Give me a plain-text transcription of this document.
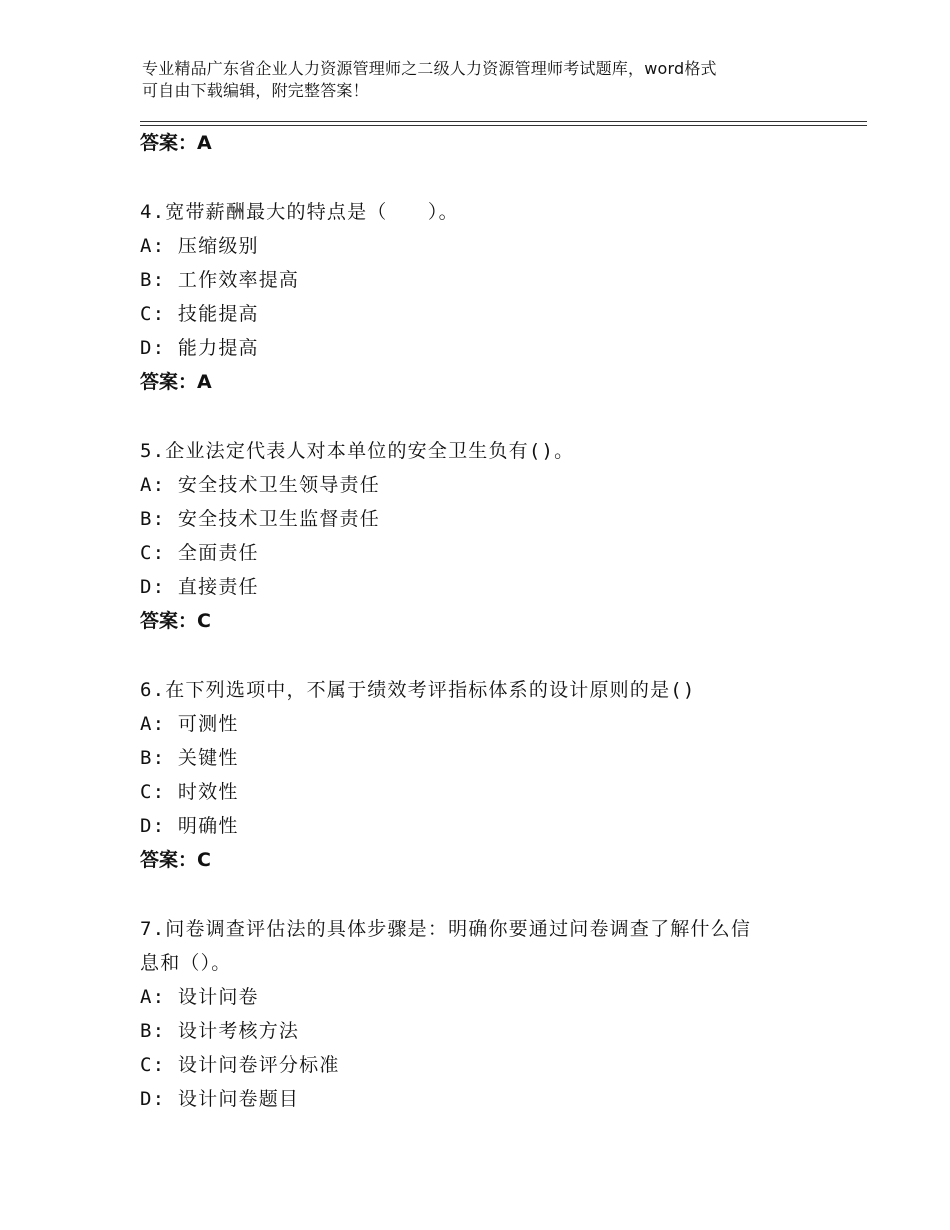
专业精品广东省企业人力资源管理师之二级人力资源管理师考试题库，word格式
可自由下载编辑，附完整答案！
答案：A
4.宽带薪酬最大的特点是（　　）。
A: 压缩级别
B: 工作效率提高
C: 技能提高
D: 能力提高
答案：A
5.企业法定代表人对本单位的安全卫生负有()。
A: 安全技术卫生领导责任
B: 安全技术卫生监督责任
C: 全面责任
D: 直接责任
答案：C
6.在下列选项中，不属于绩效考评指标体系的设计原则的是()
A: 可测性
B: 关键性
C: 时效性
D: 明确性
答案：C
7.问卷调查评估法的具体步骤是：明确你要通过问卷调查了解什么信
息和（）。
A: 设计问卷
B: 设计考核方法
C: 设计问卷评分标准
D: 设计问卷题目
